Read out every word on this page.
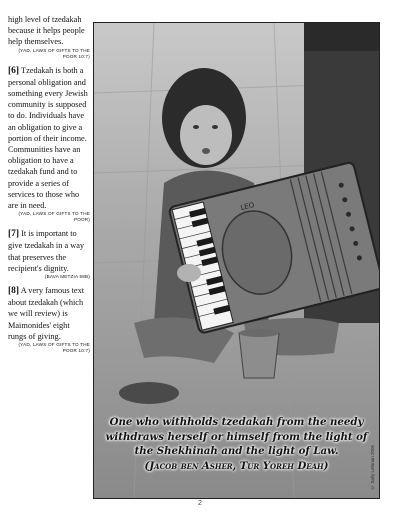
high level of tzedakah because it helps people help themselves.

(YAD, LAWS OF GIFTS TO THE POOR 10:7)

[6] Tzedakah is both a personal obligation and something every Jewish community is supposed to do. Individuals have an obligation to give a portion of their income. Communities have an obligation to have a tzedakah fund and to provide a series of services to those who are in need.

(YAD, LAWS OF GIFTS TO THE POOR)

[7] It is important to give tzedakah in a way that preserves the recipient's dignity.

(BAVA METZIA 58B)

[8] A very famous text about tzedakah (which we will review) is Maimonides' eight rungs of giving.

(YAD, LAWS OF GIFTS TO THE POOR 10:7)

LEO
One who withholds tzedakah from the needy withdraws herself or himself from the light of the Shekhinah and the light of Law.
(Jacob ben Asher, Tur Yoreh Deah)	© Sally Lehman 2005
2
